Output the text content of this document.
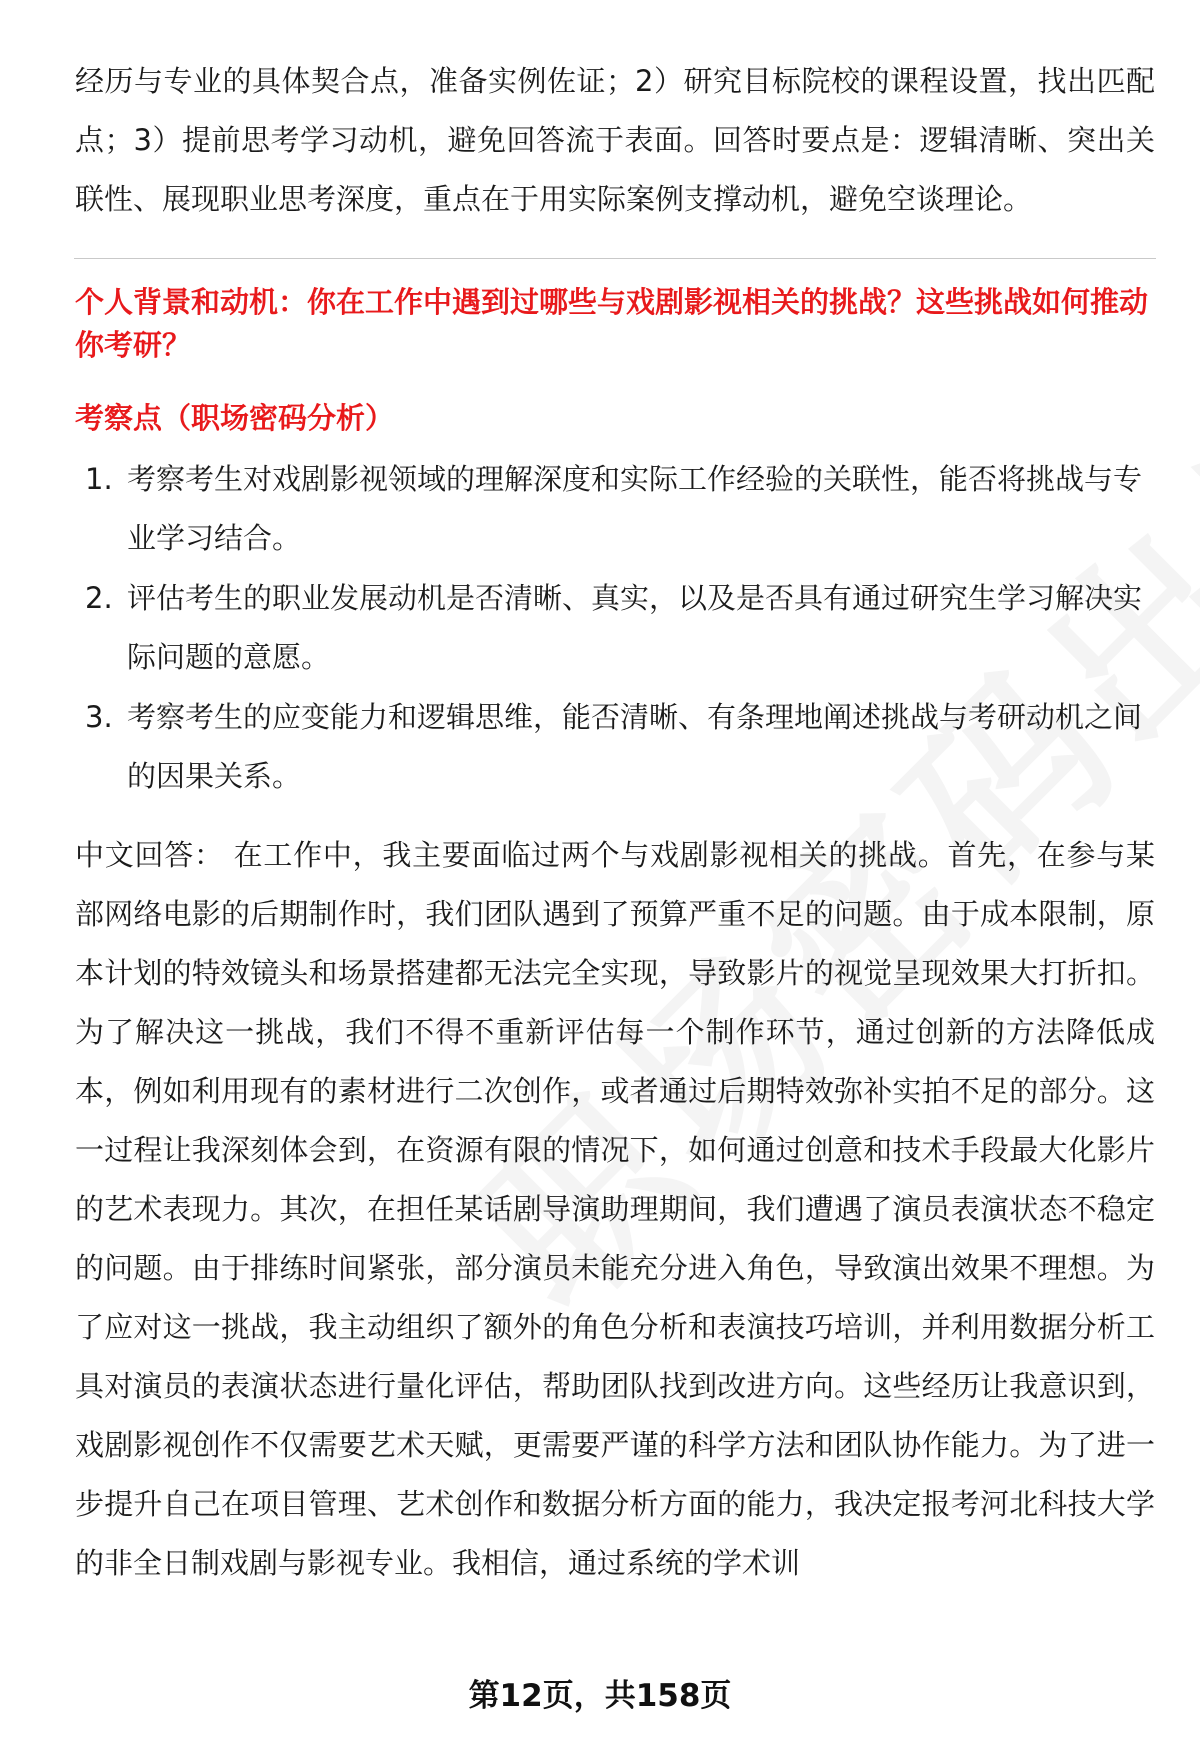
经历与专业的具体契合点，准备实例佐证；2）研究目标院校的课程设置，找出匹配点；3）提前思考学习动机，避免回答流于表面。回答时要点是：逻辑清晰、突出关联性、展现职业思考深度，重点在于用实际案例支撑动机，避免空谈理论。

个人背景和动机：你在工作中遇到过哪些与戏剧影视相关的挑战？这些挑战如何推动你考研？

考察点（职场密码分析）

1. 考察考生对戏剧影视领域的理解深度和实际工作经验的关联性，能否将挑战与专业学习结合。
2. 评估考生的职业发展动机是否清晰、真实，以及是否具有通过研究生学习解决实际问题的意愿。
3. 考察考生的应变能力和逻辑思维，能否清晰、有条理地阐述挑战与考研动机之间的因果关系。

中文回答： 在工作中，我主要面临过两个与戏剧影视相关的挑战。首先，在参与某部网络电影的后期制作时，我们团队遇到了预算严重不足的问题。由于成本限制，原本计划的特效镜头和场景搭建都无法完全实现，导致影片的视觉呈现效果大打折扣。为了解决这一挑战，我们不得不重新评估每一个制作环节，通过创新的方法降低成本，例如利用现有的素材进行二次创作，或者通过后期特效弥补实拍不足的部分。这一过程让我深刻体会到，在资源有限的情况下，如何通过创意和技术手段最大化影片的艺术表现力。其次，在担任某话剧导演助理期间，我们遭遇了演员表演状态不稳定的问题。由于排练时间紧张，部分演员未能充分进入角色，导致演出效果不理想。为了应对这一挑战，我主动组织了额外的角色分析和表演技巧培训，并利用数据分析工具对演员的表演状态进行量化评估，帮助团队找到改进方向。这些经历让我意识到，戏剧影视创作不仅需要艺术天赋，更需要严谨的科学方法和团队协作能力。为了进一步提升自己在项目管理、艺术创作和数据分析方面的能力，我决定报考河北科技大学的非全日制戏剧与影视专业。我相信，通过系统的学术训

第12页，共158页
